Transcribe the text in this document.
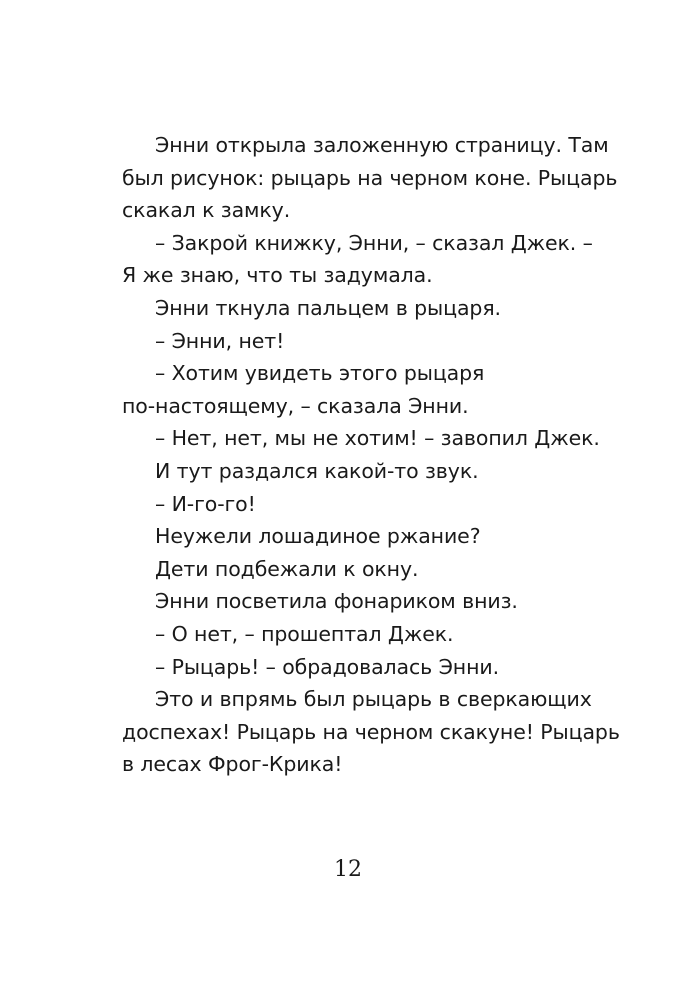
Энни открыла заложенную страницу. Там
был рисунок: рыцарь на черном коне. Рыцарь
скакал к замку.
– Закрой книжку, Энни, – сказал Джек. –
Я же знаю, что ты задумала.
Энни ткнула пальцем в рыцаря.
– Энни, нет!
– Хотим увидеть этого рыцаря
по-настоящему, – сказала Энни.
– Нет, нет, мы не хотим! – завопил Джек.
И тут раздался какой-то звук.
– И-го-го!
Неужели лошадиное ржание?
Дети подбежали к окну.
Энни посветила фонариком вниз.
– О нет, – прошептал Джек.
– Рыцарь! – обрадовалась Энни.
Это и впрямь был рыцарь в сверкающих
доспехах! Рыцарь на черном скакуне! Рыцарь
в лесах Фрог-Крика!
12
